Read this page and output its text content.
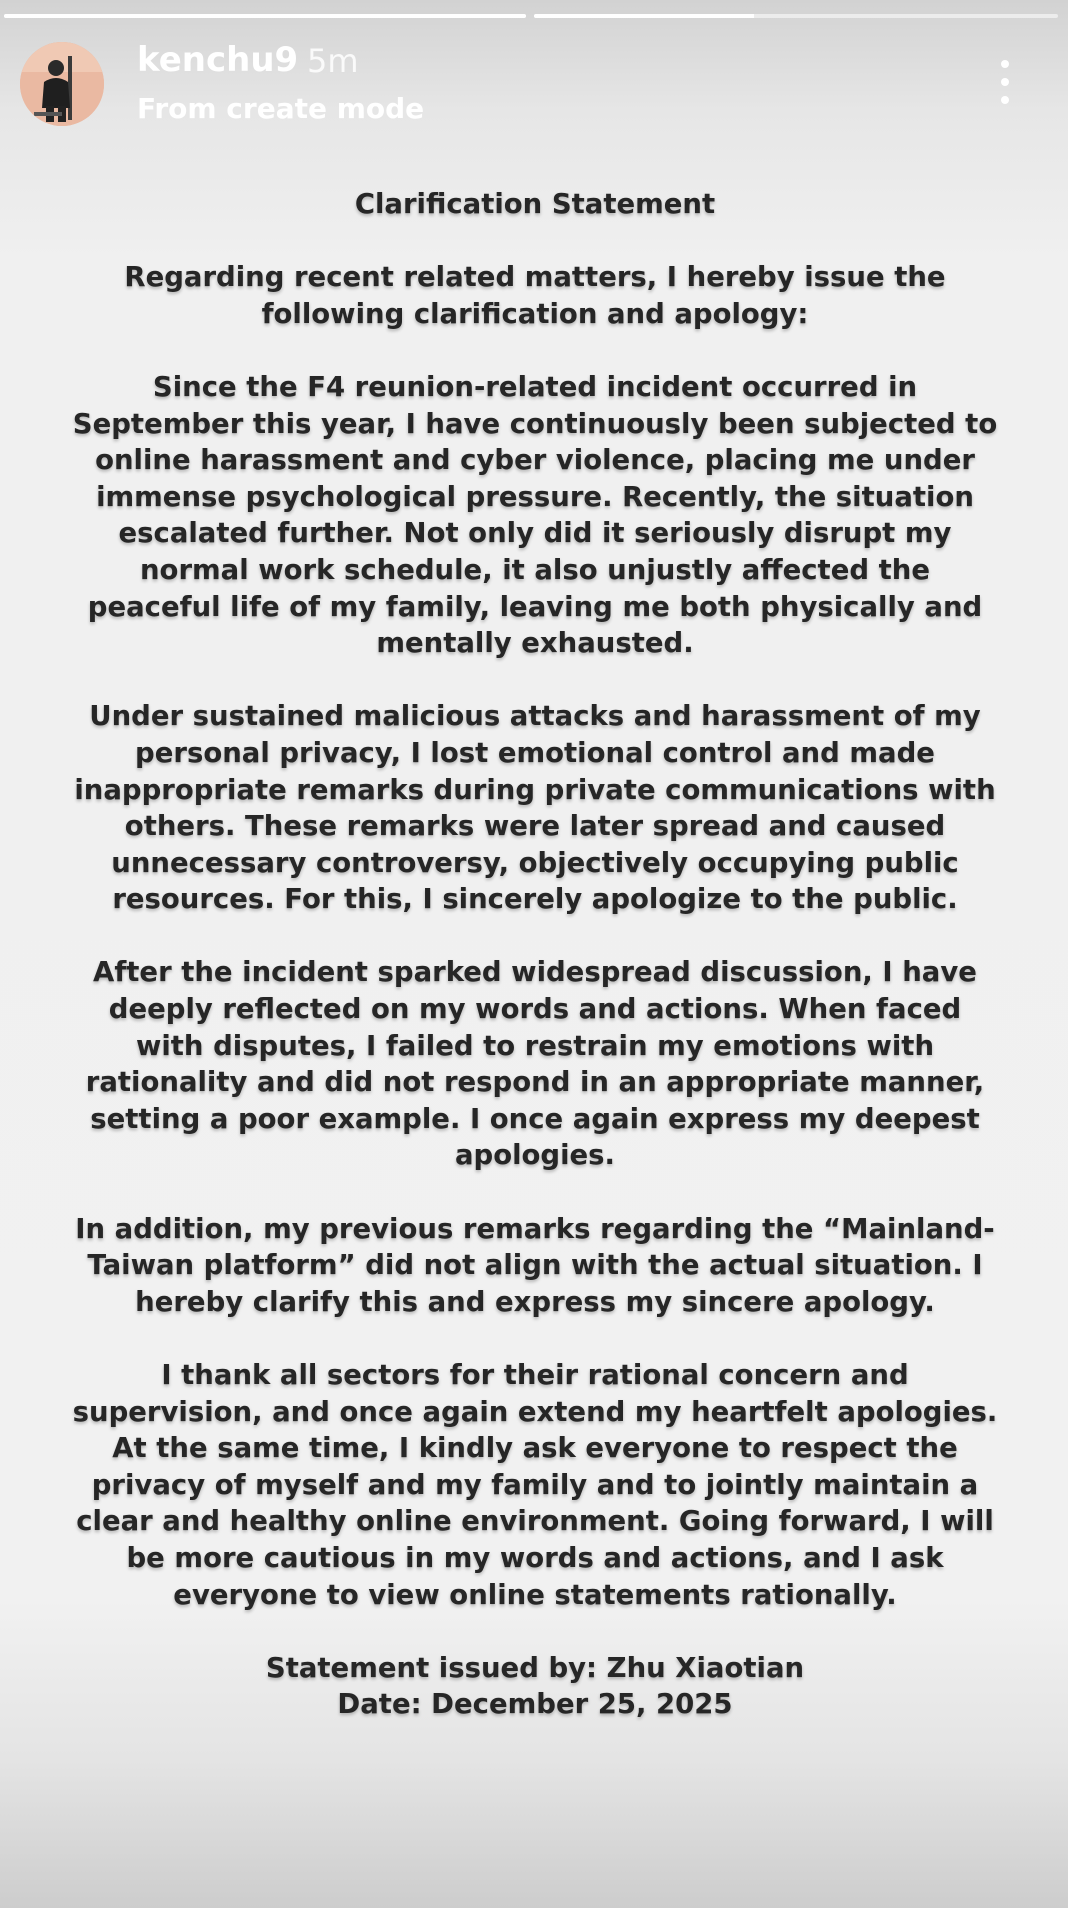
kenchu9 5m
From create mode
Clarification Statement
Regarding recent related matters, I hereby issue the
following clarification and apology:
Since the F4 reunion-related incident occurred in
September this year, I have continuously been subjected to
online harassment and cyber violence, placing me under
immense psychological pressure. Recently, the situation
escalated further. Not only did it seriously disrupt my
normal work schedule, it also unjustly affected the
peaceful life of my family, leaving me both physically and
mentally exhausted.
Under sustained malicious attacks and harassment of my
personal privacy, I lost emotional control and made
inappropriate remarks during private communications with
others. These remarks were later spread and caused
unnecessary controversy, objectively occupying public
resources. For this, I sincerely apologize to the public.
After the incident sparked widespread discussion, I have
deeply reflected on my words and actions. When faced
with disputes, I failed to restrain my emotions with
rationality and did not respond in an appropriate manner,
setting a poor example. I once again express my deepest
apologies.
In addition, my previous remarks regarding the “Mainland-
Taiwan platform” did not align with the actual situation. I
hereby clarify this and express my sincere apology.
I thank all sectors for their rational concern and
supervision, and once again extend my heartfelt apologies.
At the same time, I kindly ask everyone to respect the
privacy of myself and my family and to jointly maintain a
clear and healthy online environment. Going forward, I will
be more cautious in my words and actions, and I ask
everyone to view online statements rationally.
Statement issued by: Zhu Xiaotian
Date: December 25, 2025
